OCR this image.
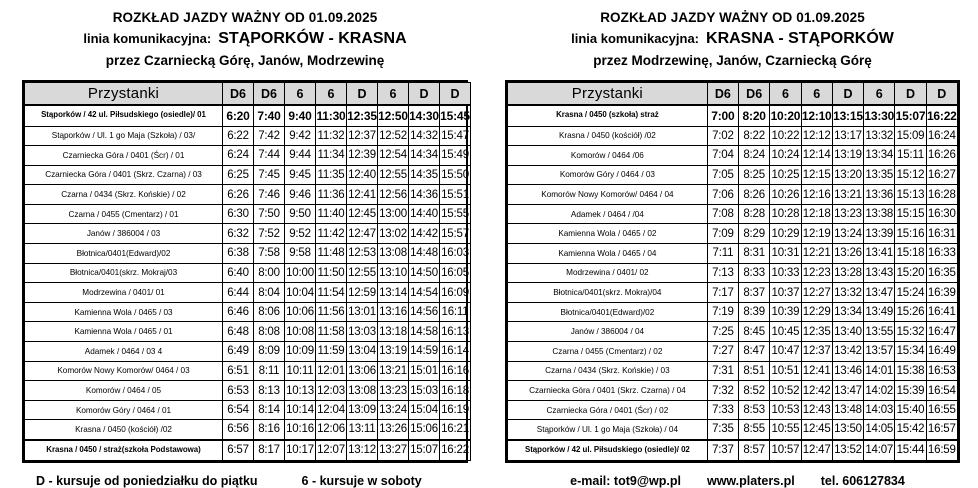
ROZKŁAD JAZDY WAŻNY OD 01.09.2025
linia komunikacyjna: STĄPORKÓW - KRASNA
przez Czarniecką Górę, Janów, Modrzewinę
Przystanki	D6	D6	6	6	D	6	D	D
Stąporków / 42 ul. Piłsudskiego (osiedle)/ 01	6:20	7:40	9:40	11:30	12:35	12:50	14:30	15:45
Stąporków / Ul. 1 go Maja (Szkoła) / 03/	6:22	7:42	9:42	11:32	12:37	12:52	14:32	15:47
Czarniecka Góra / 0401 (Ścr) / 01	6:24	7:44	9:44	11:34	12:39	12:54	14:34	15:49
Czarniecka Góra / 0401 (Skrz. Czarna) / 03	6:25	7:45	9:45	11:35	12:40	12:55	14:35	15:50
Czarna / 0434 (Skrz. Końskie) / 02	6:26	7:46	9:46	11:36	12:41	12:56	14:36	15:51
Czarna / 0455 (Cmentarz) / 01	6:30	7:50	9:50	11:40	12:45	13:00	14:40	15:55
Janów / 386004 / 03	6:32	7:52	9:52	11:42	12:47	13:02	14:42	15:57
Błotnica/0401(Edward)/02	6:38	7:58	9:58	11:48	12:53	13:08	14:48	16:03
Błotnica/0401(skrz. Mokraj/03	6:40	8:00	10:00	11:50	12:55	13:10	14:50	16:05
Modrzewina / 0401/ 01	6:44	8:04	10:04	11:54	12:59	13:14	14:54	16:09
Kamienna Wola / 0465 / 03	6:46	8:06	10:06	11:56	13:01	13:16	14:56	16:11
Kamienna Wola / 0465 / 01	6:48	8:08	10:08	11:58	13:03	13:18	14:58	16:13
Adamek / 0464 / 03 4	6:49	8:09	10:09	11:59	13:04	13:19	14:59	16:14
Komorów Nowy Komorów/ 0464 / 03	6:51	8:11	10:11	12:01	13:06	13:21	15:01	16:16
Komorów / 0464 / 05	6:53	8:13	10:13	12:03	13:08	13:23	15:03	16:18
Komorów Góry / 0464 / 01	6:54	8:14	10:14	12:04	13:09	13:24	15:04	16:19
Krasna / 0450 (kościół) /02	6:56	8:16	10:16	12:06	13:11	13:26	15:06	16:21
Krasna / 0450 / straż(szkoła Podstawowa)	6:57	8:17	10:17	12:07	13:12	13:27	15:07	16:22
D - kursuje od poniedziałku do piątku	6 - kursuje w soboty
ROZKŁAD JAZDY WAŻNY OD 01.09.2025
linia komunikacyjna: KRASNA - STĄPORKÓW
przez Modrzewinę, Janów, Czarniecką Górę
Przystanki	D6	D6	6	6	D	6	D	D
Krasna / 0450 (szkoła) straż	7:00	8:20	10:20	12:10	13:15	13:30	15:07	16:22
Krasna / 0450 (kościół) /02	7:02	8:22	10:22	12:12	13:17	13:32	15:09	16:24
Komorów / 0464 /06	7:04	8:24	10:24	12:14	13:19	13:34	15:11	16:26
Komorów Góry / 0464 / 03	7:05	8:25	10:25	12:15	13:20	13:35	15:12	16:27
Komorów Nowy Komorów/ 0464 / 04	7:06	8:26	10:26	12:16	13:21	13:36	15:13	16:28
Adamek / 0464 / /04	7:08	8:28	10:28	12:18	13:23	13:38	15:15	16:30
Kamienna Wola / 0465 / 02	7:09	8:29	10:29	12:19	13:24	13:39	15:16	16:31
Kamienna Wola / 0465 / 04	7:11	8:31	10:31	12:21	13:26	13:41	15:18	16:33
Modrzewina / 0401/ 02	7:13	8:33	10:33	12:23	13:28	13:43	15:20	16:35
Błotnica/0401(skrz. Mokra)/04	7:17	8:37	10:37	12:27	13:32	13:47	15:24	16:39
Błotnica/0401(Edward)/02	7:19	8:39	10:39	12:29	13:34	13:49	15:26	16:41
Janów / 386004 / 04	7:25	8:45	10:45	12:35	13:40	13:55	15:32	16:47
Czarna / 0455 (Cmentarz) / 02	7:27	8:47	10:47	12:37	13:42	13:57	15:34	16:49
Czarna / 0434 (Skrz. Końskie) / 03	7:31	8:51	10:51	12:41	13:46	14:01	15:38	16:53
Czarniecka Góra / 0401 (Skrz. Czarna) / 04	7:32	8:52	10:52	12:42	13:47	14:02	15:39	16:54
Czarniecka Góra / 0401 (Ścr) / 02	7:33	8:53	10:53	12:43	13:48	14:03	15:40	16:55
Stąporków / Ul. 1 go Maja (Szkoła) / 04	7:35	8:55	10:55	12:45	13:50	14:05	15:42	16:57
Stąporków / 42 ul. Piłsudskiego (osiedle)/ 02	7:37	8:57	10:57	12:47	13:52	14:07	15:44	16:59
e-mail: tot9@wp.pl www.platers.pl tel. 606127834
